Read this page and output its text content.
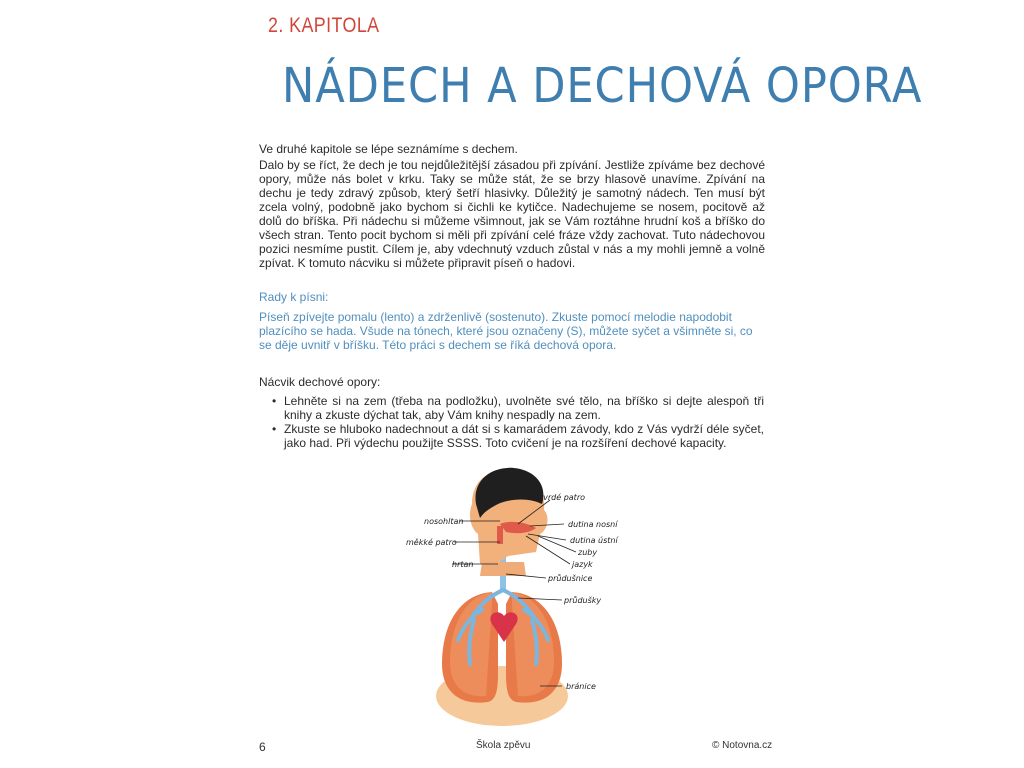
2. KAPITOLA
NÁDECH A DECHOVÁ OPORA
Ve druhé kapitole se lépe seznámíme s dechem.
Dalo by se říct, že dech je tou nejdůležitější zásadou při zpívání. Jestliže zpíváme bez dechové opory, může nás bolet v krku. Taky se může stát, že se brzy hlasově unavíme. Zpívání na dechu je tedy zdravý způsob, který šetří hlasivky. Důležitý je samotný nádech. Ten musí být zcela volný, podobně jako bychom si čichli ke kytičce. Nadechujeme se nosem, pocitově až dolů do bříška. Při nádechu si můžeme všimnout, jak se Vám roztáhne hrudní koš a bříško do všech stran. Tento pocit bychom si měli při zpívání celé fráze vždy zachovat. Tuto nádechovou pozici nesmíme pustit. Cílem je, aby vdechnutý vzduch zůstal v nás a my mohli jemně a volně zpívat. K tomuto nácviku si můžete připravit píseň o hadovi.
Rady k písni:
Píseň zpívejte pomalu (lento) a zdrženlivě (sostenuto). Zkuste pomocí melodie napodobit plazícího se hada. Všude na tónech, které jsou označeny (S), můžete syčet a všimněte si, co se děje uvnitř v bříšku. Této práci s dechem se říká dechová opora.
Nácvik dechové opory:
• Lehněte si na zem (třeba na podložku), uvolněte své tělo, na bříško si dejte alespoň tři knihy a zkuste dýchat tak, aby Vám knihy nespadly na zem.
• Zkuste se hluboko nadechnout a dát si s kamarádem závody, kdo z Vás vydrží déle syčet, jako had. Při výdechu použijte SSSS. Toto cvičení je na rozšíření dechové kapacity.
nosohltan
měkké patro
hrtan
tvrdé patro
dutina nosní
dutina ústní
zuby
jazyk
průdušnice
průdušky
bránice
6	Škola zpěvu	© Notovna.cz
